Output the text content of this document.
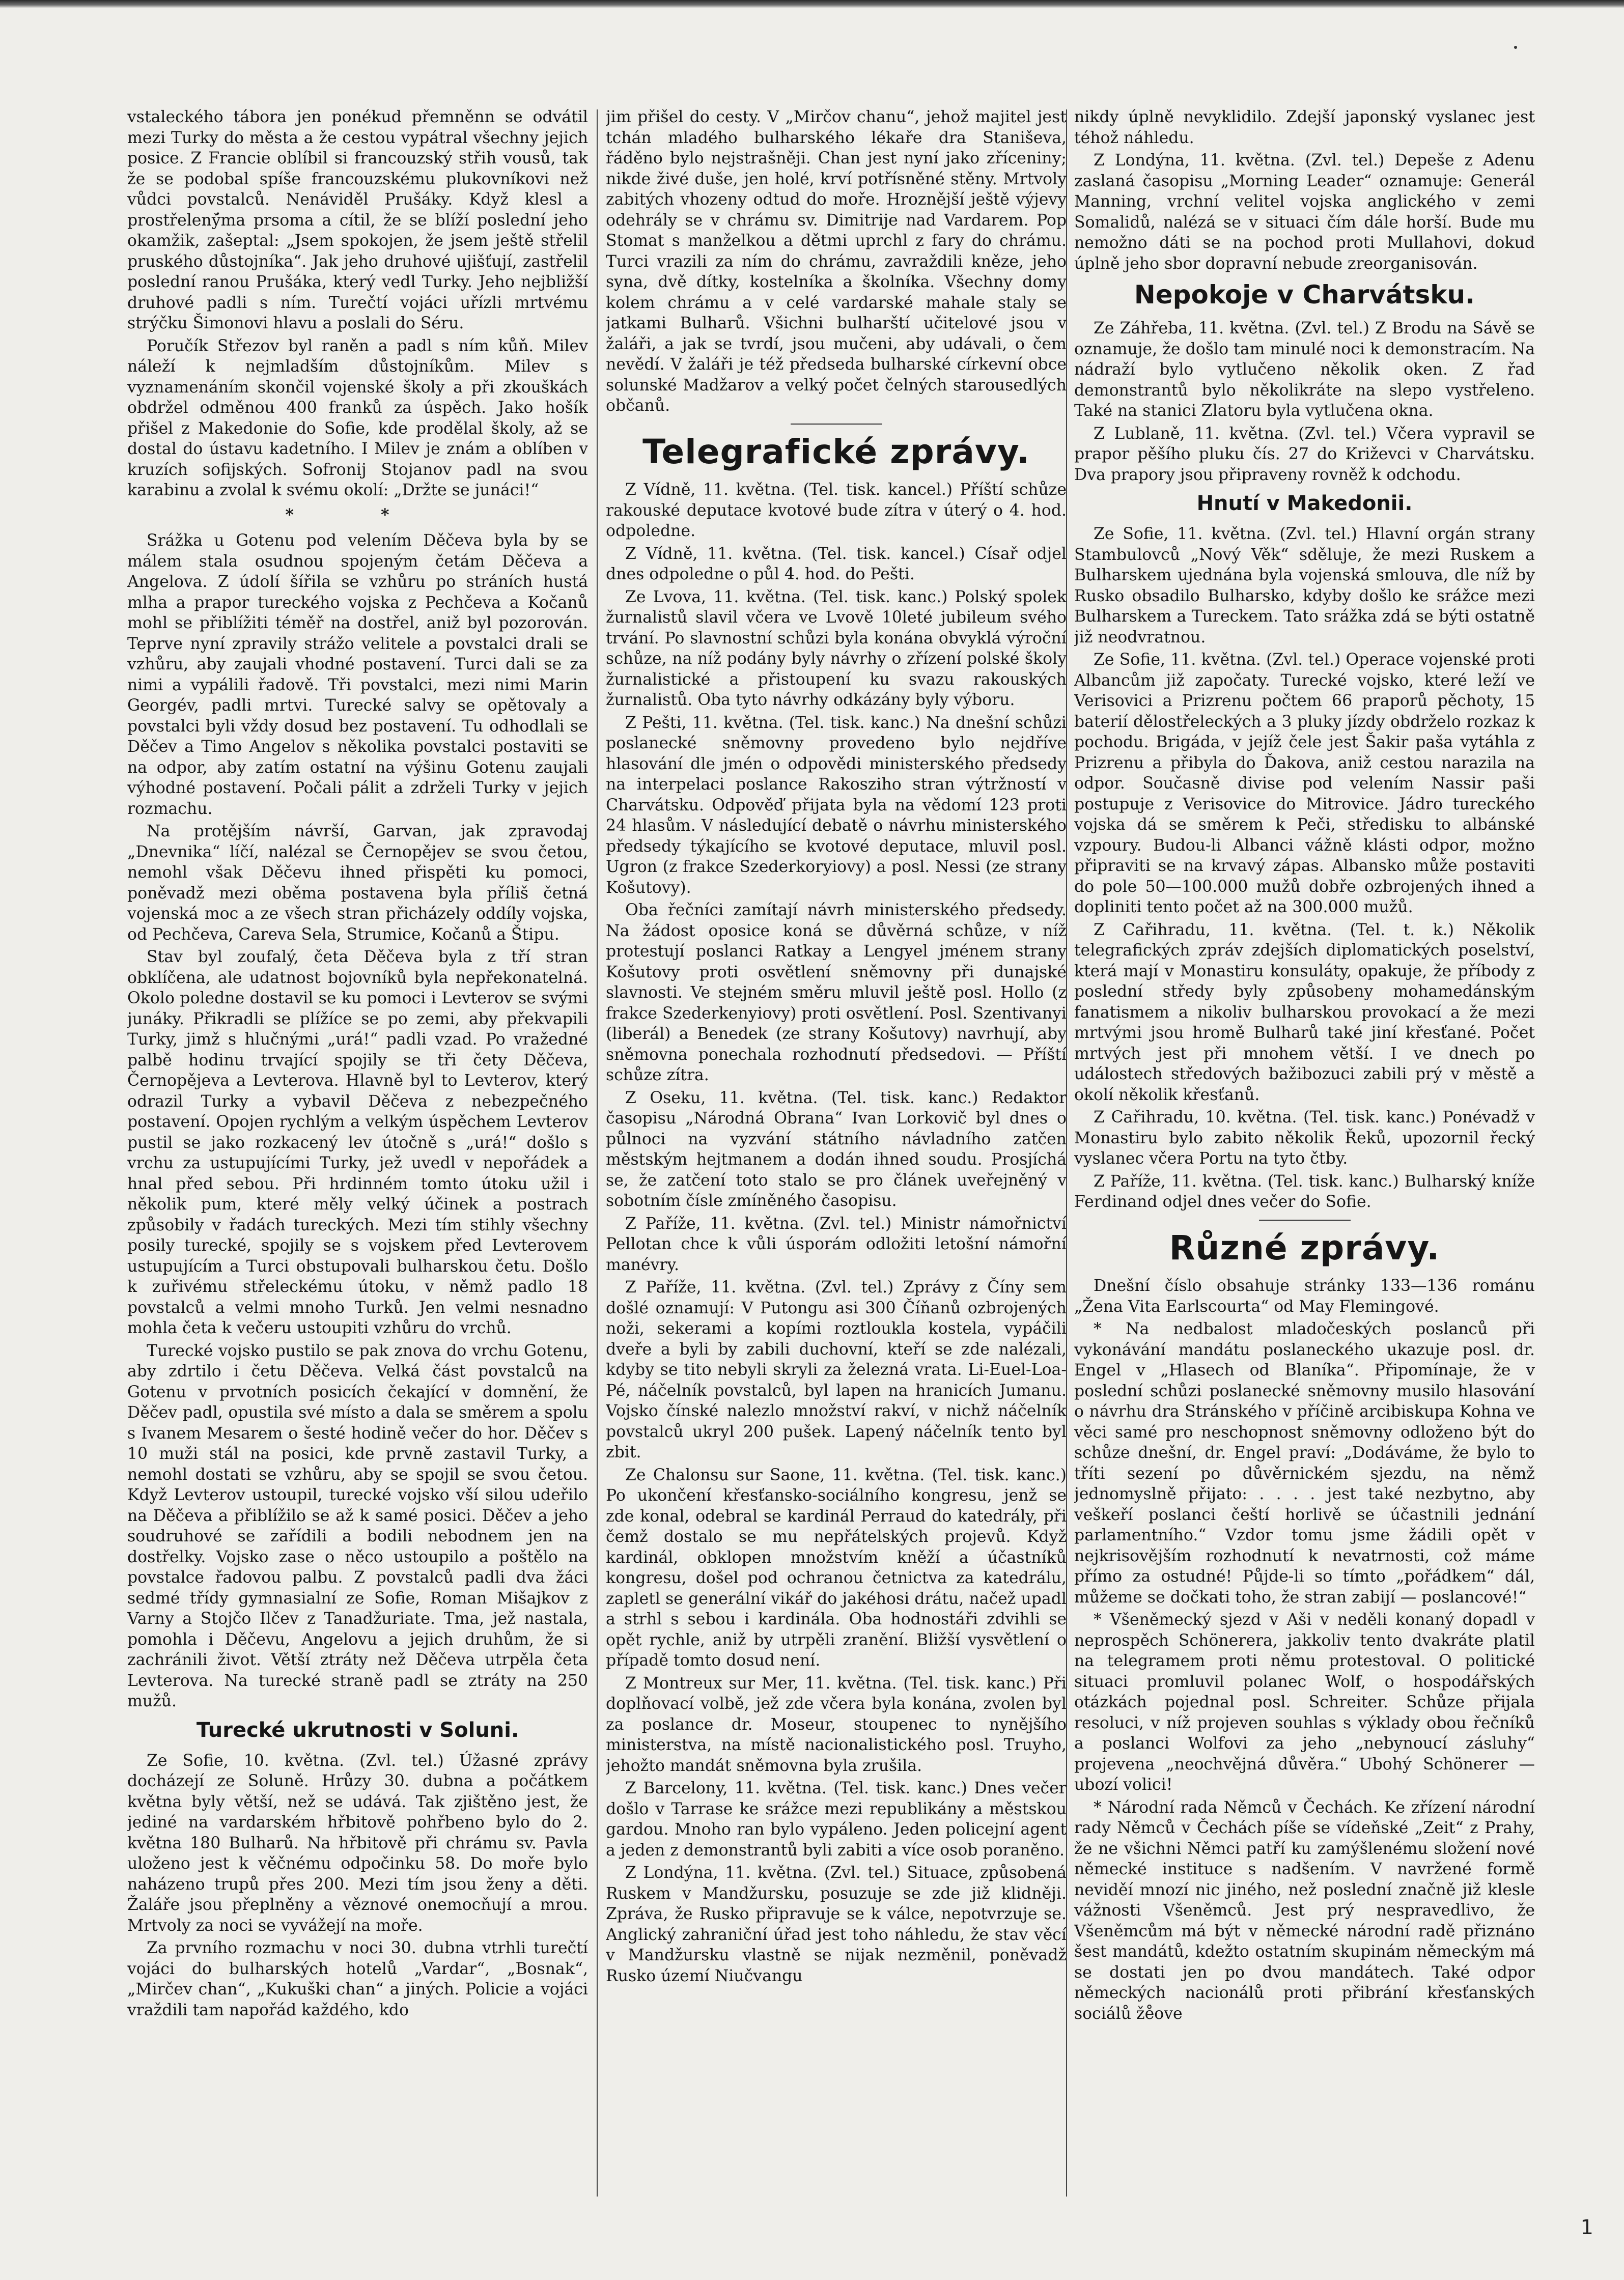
vstaleckého tábora jen ponékud přemněnn se odvátil mezi Turky do města a že cestou vypátral všechny jejich posice. Z Francie oblíbil si francouzský střih vousů, tak že se podobal spíše francouzskému plukovníkovi než vůdci povstalců. Nenáviděl Prušáky. Když klesl a prostřelený̆ma prsoma a cítil, že se blíží poslední jeho okamžik, zašeptal: „Jsem spokojen, že jsem ještě střelil pruského důstojníka“. Jak jeho druhové ujišťují, zastřelil poslední ranou Prušáka, který vedl Turky. Jeho nejbližší druhové padli s ním. Turečtí vojáci uřízli mrtvému strýčku Šimonovi hlavu a poslali do Séru.

Poručík Střezov byl raněn a padl s ním kůň. Milev náleží k nejmladším důstojníkům. Milev s vyznamenáním skončil vojenské školy a při zkouškách obdržel odměnou 400 franků za úspěch. Jako hošík přišel z Makedonie do Sofie, kde prodělal školy, až se dostal do ústavu kadetního. I Milev je znám a oblíben v kruzích sofijských. Sofronij Stojanov padl na svou karabinu a zvolal k svému okolí: „Držte se junáci!“

* *

Srážka u Gotenu pod velením Děčeva byla by se málem stala osudnou spojeným četám Děčeva a Angelova. Z údolí šířila se vzhůru po stráních hustá mlha a prapor tureckého vojska z Pechčeva a Kočanů mohl se přiblížiti téměř na dostřel, aniž byl pozorován. Teprve nyní zpravily strážo velitele a povstalci drali se vzhůru, aby zaujali vhodné postavení. Turci dali se za nimi a vypálili řadově. Tři povstalci, mezi nimi Marin Georgév, padli mrtvi. Turecké salvy se opětovaly a povstalci byli vždy dosud bez postavení. Tu odhodlali se Děčev a Timo Angelov s několika povstalci postaviti se na odpor, aby zatím ostatní na výšinu Gotenu zaujali výhodné postavení. Počali pálit a zdrželi Turky v jejich rozmachu.

Na protějším návrší, Garvan, jak zpravodaj „Dnevnika“ líčí, nalézal se Černopějev se svou četou, nemohl však Děčevu ihned přispěti ku pomoci, poněvadž mezi oběma postavena byla příliš četná vojenská moc a ze všech stran přicházely oddíly vojska, od Pechčeva, Careva Sela, Strumice, Kočanů a Štipu.

Stav byl zoufalý, četa Děčeva byla z tří stran obklíčena, ale udatnost bojovníků byla nepřekonatelná. Okolo poledne dostavil se ku pomoci i Levterov se svými junáky. Přikradli se plížíce se po zemi, aby překvapili Turky, jimž s hlučnými „urá!“ padli vzad. Po vražedné palbě hodinu trvající spojily se tři čety Děčeva, Černopějeva a Levterova. Hlavně byl to Levterov, který odrazil Turky a vybavil Děčeva z nebezpečného postavení. Opojen rychlým a velkým úspěchem Levterov pustil se jako rozkacený lev útočně s „urá!“ došlo s vrchu za ustupujícími Turky, jež uvedl v nepořádek a hnal před sebou. Při hrdinném tomto útoku užil i několik pum, které měly velký účinek a postrach způsobily v řadách tureckých. Mezi tím stihly všechny posily turecké, spojily se s vojskem před Levterovem ustupujícím a Turci obstupovali bulharskou četu. Došlo k zuřivému střeleckému útoku, v němž padlo 18 povstalců a velmi mnoho Turků. Jen velmi nesnadno mohla četa k večeru ustoupiti vzhůru do vrchů.

Turecké vojsko pustilo se pak znova do vrchu Gotenu, aby zdrtilo i četu Děčeva. Velká část povstalců na Gotenu v prvotních posicích čekající v domnění, že Děčev padl, opustila své místo a dala se směrem a spolu s Ivanem Mesarem o šesté hodině večer do hor. Děčev s 10 muži stál na posici, kde prvně zastavil Turky, a nemohl dostati se vzhůru, aby se spojil se svou četou. Když Levterov ustoupil, turecké vojsko vší silou udeřilo na Děčeva a přiblížilo se až k samé posici. Děčev a jeho soudruhové se zařídili a bodili nebodnem jen na dostřelky. Vojsko zase o něco ustoupilo a poštělo na povstalce řadovou palbu. Z povstalců padli dva žáci sedmé třídy gymnasialní ze Sofie, Roman Mišajkov z Varny a Stojčo Ilčev z Tanadžuriate. Tma, jež nastala, pomohla i Děčevu, Angelovu a jejich druhům, že si zachránili život. Větší ztráty než Děčeva utrpěla četa Levterova. Na turecké straně padl se ztráty na 250 mužů.

Turecké ukrutnosti v Soluni.

Ze Sofie, 10. května. (Zvl. tel.) Úžasné zprávy docházejí ze Soluně. Hrůzy 30. dubna a počátkem května byly větší, než se udává. Tak zjištěno jest, že jediné na vardarském hřbitově pohřbeno bylo do 2. května 180 Bulharů. Na hřbitově při chrámu sv. Pavla uloženo jest k věčnému odpočinku 58. Do moře bylo naházeno trupů přes 200. Mezi tím jsou ženy a děti. Žaláře jsou přeplněny a věznové onemocňují a mrou. Mrtvoly za noci se vyvážejí na moře.

Za prvního rozmachu v noci 30. dubna vtrhli turečtí vojáci do bulharských hotelů „Vardar“, „Bosnak“, „Mirčev chan“, „Kukuški chan“ a jiných. Policie a vojáci vraždili tam napořád každého, kdo

jim přišel do cesty. V „Mirčov chanu“, jehož majitel jest tchán mladého bulharského lékaře dra Staniševa, řáděno bylo nejstrašněji. Chan jest nyní jako zříceniny; nikde živé duše, jen holé, krví potřísněné stěny. Mrtvoly zabitých vhozeny odtud do moře. Hroznější ještě výjevy odehrály se v chrámu sv. Dimitrije nad Vardarem. Pop Stomat s manželkou a dětmi uprchl z fary do chrámu. Turci vrazili za ním do chrámu, zavraždili kněze, jeho syna, dvě dítky, kostelníka a školníka. Všechny domy kolem chrámu a v celé vardarské mahale staly se jatkami Bulharů. Všichni bulharští učitelové jsou v žaláři, a jak se tvrdí, jsou mučeni, aby udávali, o čem nevědí. V žaláři je též předseda bulharské církevní obce solunské Madžarov a velký počet čelných starousedlých občanů.

Telegrafické zprávy.

Z Vídně, 11. května. (Tel. tisk. kancel.) Příští schůze rakouské deputace kvotové bude zítra v úterý o 4. hod. odpoledne.

Z Vídně, 11. května. (Tel. tisk. kancel.) Císař odjel dnes odpoledne o půl 4. hod. do Pešti.

Ze Lvova, 11. května. (Tel. tisk. kanc.) Polský spolek žurnalistů slavil včera ve Lvově 10leté jubileum svého trvání. Po slavnostní schůzi byla konána obvyklá výroční schůze, na níž podány byly návrhy o zřízení polské školy žurnalistické a přistoupení ku svazu rakouských žurnalistů. Oba tyto návrhy odkázány byly výboru.

Z Pešti, 11. května. (Tel. tisk. kanc.) Na dnešní schůzi poslanecké sněmovny provedeno bylo nejdříve hlasování dle jmén o odpovědi ministerského předsedy na interpelaci poslance Rakosziho stran výtržností v Charvátsku. Odpověď přijata byla na vědomí 123 proti 24 hlasům. V následující debatě o návrhu ministerského předsedy týkajícího se kvotové deputace, mluvil posl. Ugron (z frakce Szederkoryiovy) a posl. Nessi (ze strany Košutovy).

Oba řečníci zamítají návrh ministerského předsedy. Na žádost oposice koná se důvěrná schůze, v níž protestují poslanci Ratkay a Lengyel jménem strany Košutovy proti osvětlení sněmovny při dunajské slavnosti. Ve stejném směru mluvil ještě posl. Hollo (z frakce Szederkenyiovy) proti osvětlení. Posl. Szentivanyi (liberál) a Benedek (ze strany Košutovy) navrhují, aby sněmovna ponechala rozhodnutí předsedovi. — Příští schůze zítra.

Z Oseku, 11. května. (Tel. tisk. kanc.) Redaktor časopisu „Národná Obrana“ Ivan Lorkovič byl dnes o půlnoci na vyzvání státního návladního zatčen městským hejtmanem a dodán ihned soudu. Prosjíchá se, že zatčení toto stalo se pro článek uveřejněný v sobotním čísle zmíněného časopisu.

Z Paříže, 11. května. (Zvl. tel.) Ministr námořnictví Pellotan chce k vůli úsporám odložiti letošní námořní manévry.

Z Paříže, 11. května. (Zvl. tel.) Zprávy z Číny sem došlé oznamují: V Putongu asi 300 Číňanů ozbrojených noži, sekerami a kopími roztloukla kostela, vypáčili dveře a byli by zabili duchovní, kteří se zde nalézali, kdyby se tito nebyli skryli za železná vrata. Li-Euel-Loa-Pé, náčelník povstalců, byl lapen na hranicích Jumanu. Vojsko čínské nalezlo množství rakví, v nichž náčelník povstalců ukryl 200 pušek. Lapený náčelník tento byl zbit.

Ze Chalonsu sur Saone, 11. května. (Tel. tisk. kanc.) Po ukončení křesťansko-sociálního kongresu, jenž se zde konal, odebral se kardinál Perraud do katedrály, při čemž dostalo se mu nepřátelských projevů. Když kardinál, obklopen množstvím kněží a účastníků kongresu, došel pod ochranou četnictva za katedrálu, zapletl se generální vikář do jakéhosi drátu, načež upadl a strhl s sebou i kardinála. Oba hodnostáři zdvihli se opět rychle, aniž by utrpěli zranění. Bližší vysvětlení o případě tomto dosud není.

Z Montreux sur Mer, 11. května. (Tel. tisk. kanc.) Při doplňovací volbě, jež zde včera byla konána, zvolen byl za poslance dr. Moseur, stoupenec to nynějšího ministerstva, na místě nacionalistického posl. Truyho, jehožto mandát sněmovna byla zrušila.

Z Barcelony, 11. května. (Tel. tisk. kanc.) Dnes večer došlo v Tarrase ke srážce mezi republikány a městskou gardou. Mnoho ran bylo vypáleno. Jeden policejní agent a jeden z demonstrantů byli zabiti a více osob poraněno.

Z Londýna, 11. května. (Zvl. tel.) Situace, způsobená Ruskem v Mandžursku, posuzuje se zde již klidněji. Zpráva, že Rusko připravuje se k válce, nepotvrzuje se. Anglický zahraniční úřad jest toho náhledu, že stav věcí v Mandžursku vlastně se nijak nezměnil, poněvadž Rusko území Niučvangu

nikdy úplně nevyklidilo. Zdejší japonský vyslanec jest téhož náhledu.

Z Londýna, 11. května. (Zvl. tel.) Depeše z Adenu zaslaná časopisu „Morning Leader“ oznamuje: Generál Manning, vrchní velitel vojska anglického v zemi Somalidů, nalézá se v situaci čím dále horší. Bude mu nemožno dáti se na pochod proti Mullahovi, dokud úplně jeho sbor dopravní nebude zreorganisován.

Nepokoje v Charvátsku.

Ze Záhřeba, 11. května. (Zvl. tel.) Z Brodu na Sávě se oznamuje, že došlo tam minulé noci k demonstracím. Na nádraží bylo vytlučeno několik oken. Z řad demonstrantů bylo několikráte na slepo vystřeleno. Také na stanici Zlatoru byla vytlučena okna.

Z Lublaně, 11. května. (Zvl. tel.) Včera vypravil se prapor pěšího pluku čís. 27 do Križevci v Charvátsku. Dva prapory jsou připraveny rovněž k odchodu.

Hnutí v Makedonii.

Ze Sofie, 11. května. (Zvl. tel.) Hlavní orgán strany Stambulovců „Nový Věk“ sděluje, že mezi Ruskem a Bulharskem ujednána byla vojenská smlouva, dle níž by Rusko obsadilo Bulharsko, kdyby došlo ke srážce mezi Bulharskem a Tureckem. Tato srážka zdá se býti ostatně již neodvratnou.

Ze Sofie, 11. května. (Zvl. tel.) Operace vojenské proti Albancům již započaty. Turecké vojsko, které leží ve Verisovici a Prizrenu počtem 66 praporů pěchoty, 15 baterií dělostřeleckých a 3 pluky jízdy obdrželo rozkaz k pochodu. Brigáda, v jejíž čele jest Šakir paša vytáhla z Prizrenu a přibyla do Ďakova, aniž cestou narazila na odpor. Současně divise pod velením Nassir paši postupuje z Verisovice do Mitrovice. Jádro tureckého vojska dá se směrem k Peči, středisku to albánské vzpoury. Budou-li Albanci vážně klásti odpor, možno připraviti se na krvavý zápas. Albansko může postaviti do pole 50—100.000 mužů dobře ozbrojených ihned a dopliniti tento počet až na 300.000 mužů.

Z Cařihradu, 11. května. (Tel. t. k.) Několik telegrafických zpráv zdejších diplomatických poselství, která mají v Monastiru konsuláty, opakuje, že příbody z poslední středy byly způsobeny mohamedánským fanatismem a nikoliv bulharskou provokací a že mezi mrtvými jsou hromě Bulharů také jiní křesťané. Počet mrtvých jest při mnohem větší. I ve dnech po událostech středových bažibozuci zabili prý v městě a okolí několik křesťanů.

Z Cařihradu, 10. května. (Tel. tisk. kanc.) Ponévadž v Monastiru bylo zabito několik Řeků, upozornil řecký vyslanec včera Portu na tyto čtby.

Z Paříže, 11. května. (Tel. tisk. kanc.) Bulharský kníže Ferdinand odjel dnes večer do Sofie.

Různé zprávy.

Dnešní číslo obsahuje stránky 133—136 románu „Žena Vita Earlscourta“ od May Flemingové.

* Na nedbalost mladočeských poslanců při vykonávání mandátu poslaneckého ukazuje posl. dr. Engel v „Hlasech od Blaníka“. Připomínaje, že v poslední schůzi poslanecké sněmovny musilo hlasování o návrhu dra Stránského v příčině arcibiskupa Kohna ve věci samé pro neschopnost sněmovny odloženo být do schůze dnešní, dr. Engel praví: „Dodáváme, že bylo to tříti sezení po důvěrnickém sjezdu, na němž jednomyslně přijato: . . . . jest také nezbytno, aby veškeří poslanci čeští horlivě se účastnili jednání parlamentního.“ Vzdor tomu jsme žádili opět v nejkrisovějším rozhodnutí k nevatrnosti, což máme přímo za ostudné! Půjde-li so tímto „pořádkem“ dál, můžeme se dočkati toho, že stran zabijí — poslancové!“

* Všeněmecký sjezd v Aši v neděli konaný dopadl v neprospěch Schönerera, jakkoliv tento dvakráte platil na telegramem proti němu protestoval. O politické situaci promluvil polanec Wolf, o hospodářských otázkách pojednal posl. Schreiter. Schůze přijala resoluci, v níž projeven souhlas s výklady obou řečníků a poslanci Wolfovi za jeho „nebynoucí zásluhy“ projevena „neochvějná důvěra.“ Ubohý Schönerer — ubozí volici!

* Národní rada Němců v Čechách. Ke zřízení národní rady Němců v Čechách píše se vídeňské „Zeit“ z Prahy, že ne všichni Němci patří ku zamýšlenému složení nové německé instituce s nadšením. V navržené formě neviděí mnozí nic jiného, než poslední značně již klesle vážnosti Všeněmců. Jest prý nespravedlivo, že Všeněmcům má být v německé národní radě přiznáno šest mandátů, kdežto ostatním skupinám německým má se dostati jen po dvou mandátech. Také odpor německých nacionálů proti přibrání křesťanských sociálů že̊ove

1
